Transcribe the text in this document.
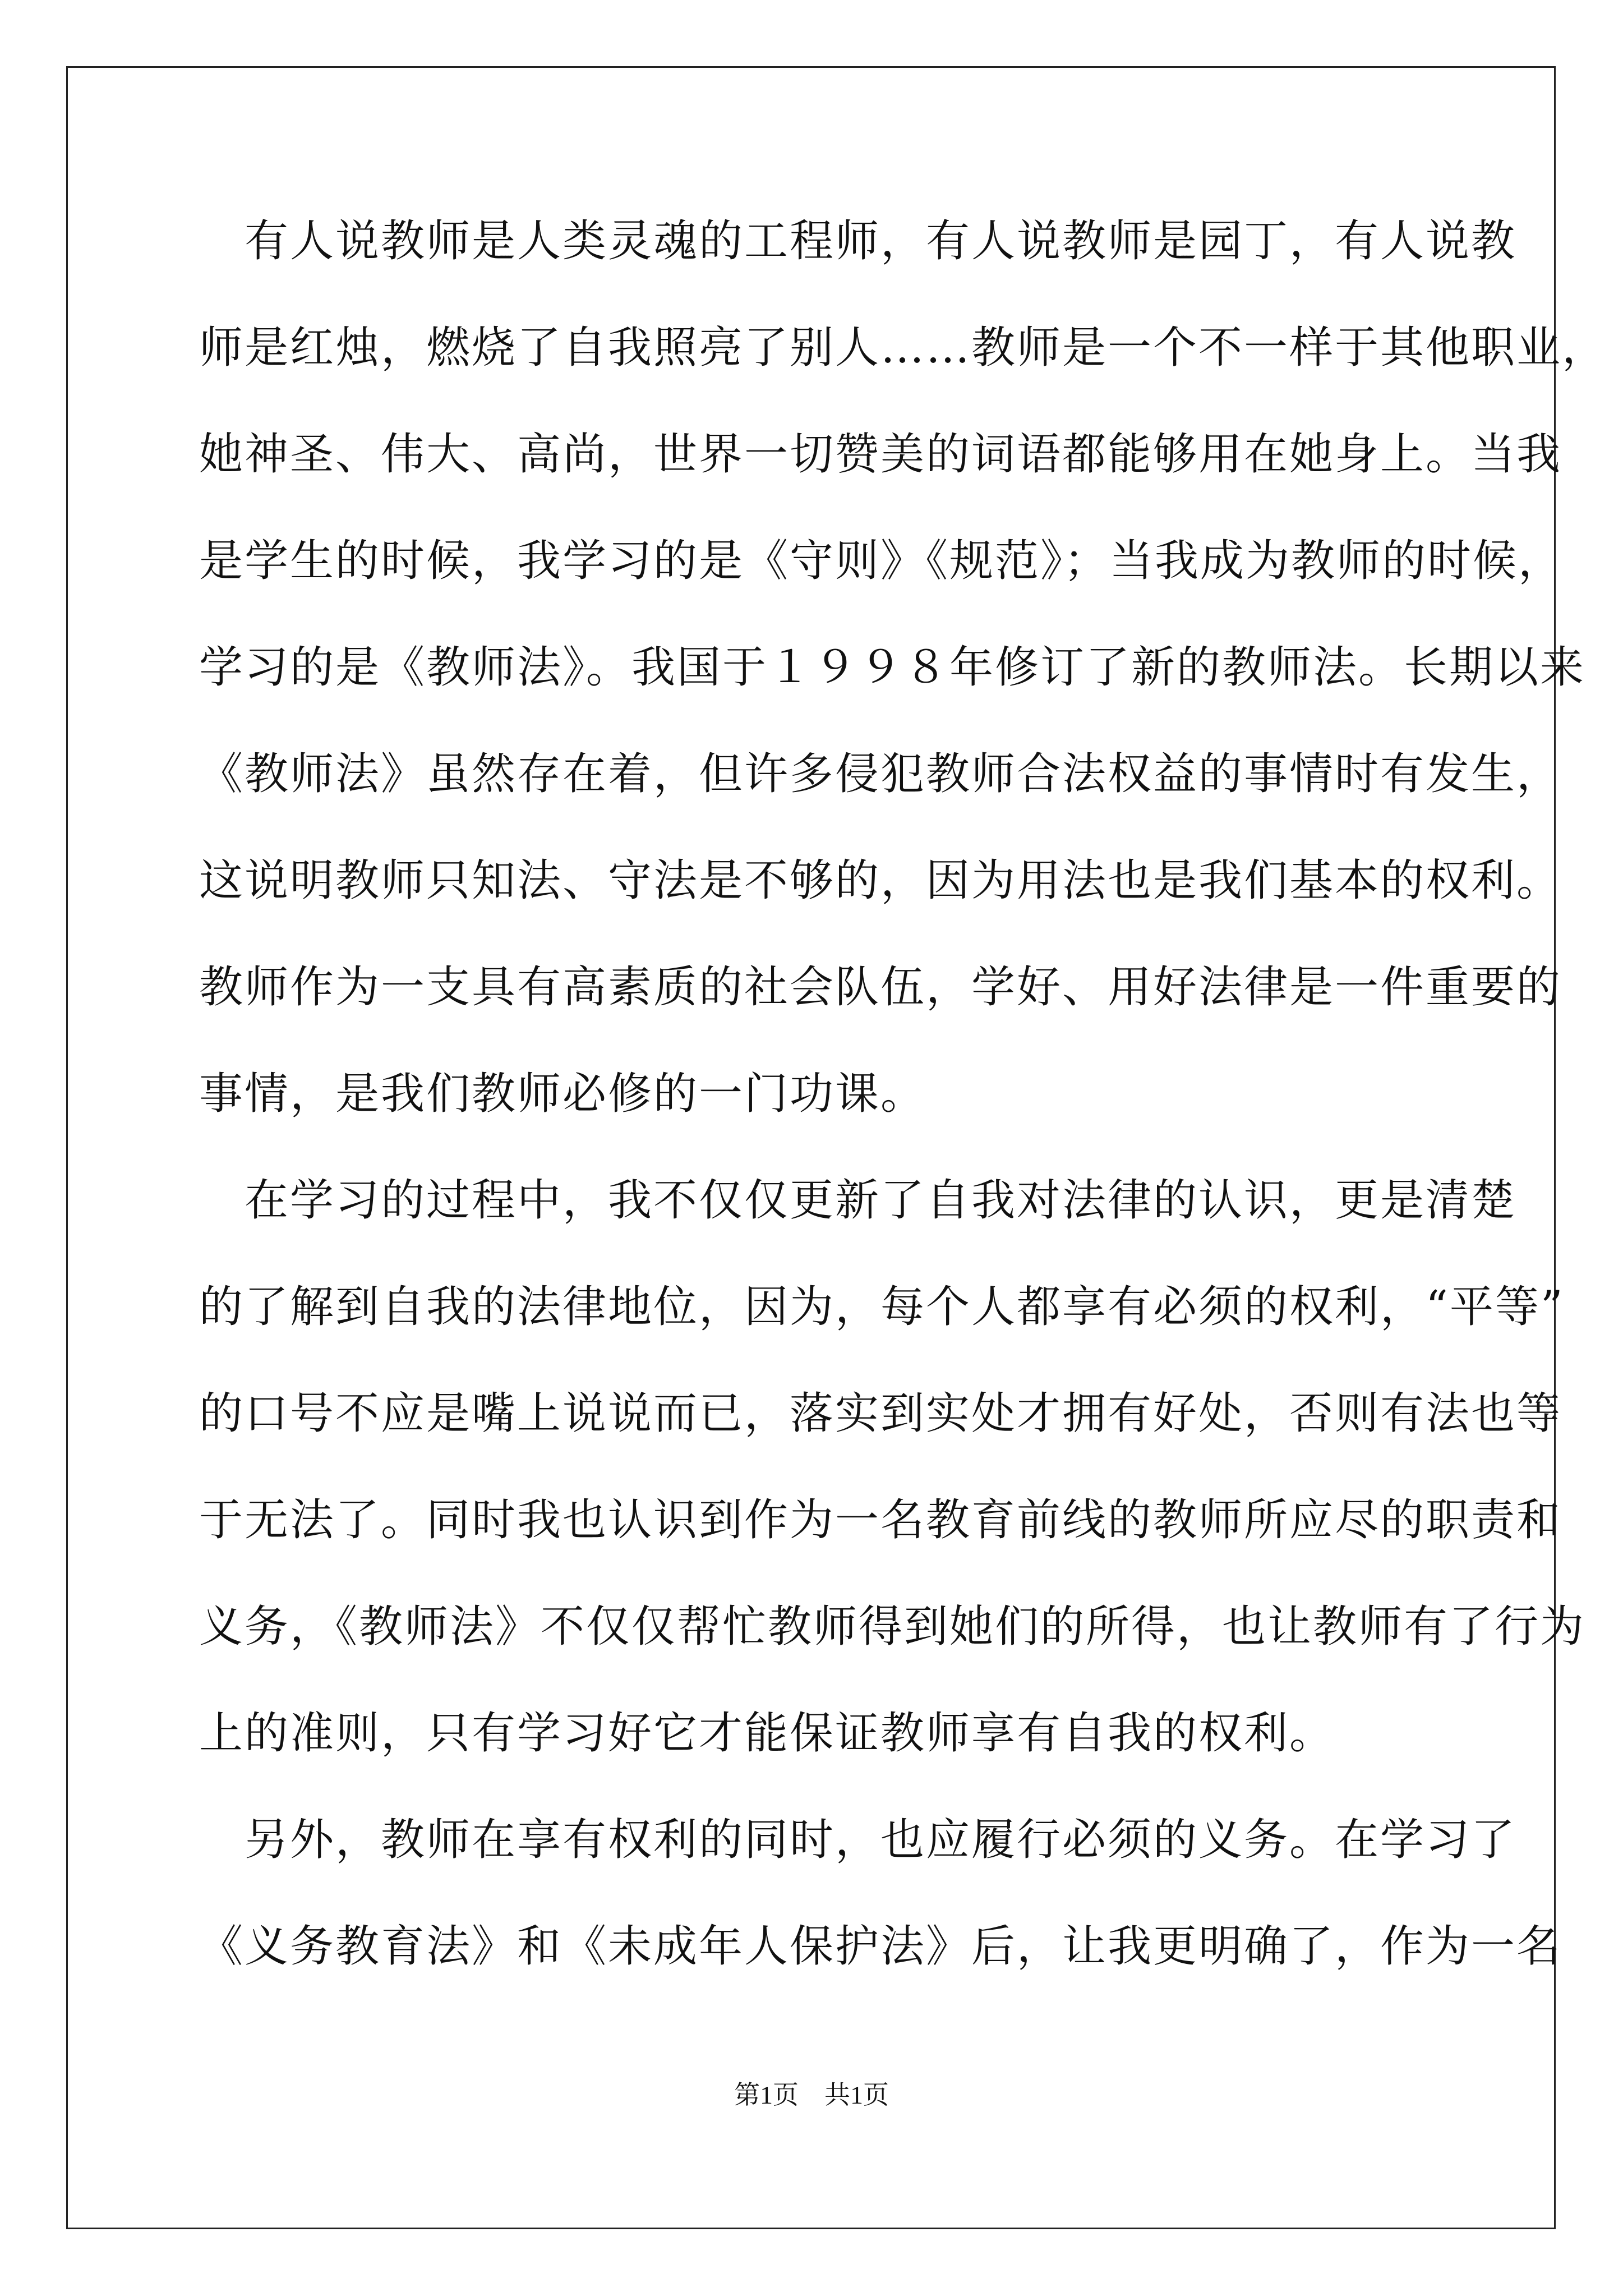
　有人说教师是人类灵魂的工程师，有人说教师是园丁，有人说教
师是红烛，燃烧了自我照亮了别人……教师是一个不一样于其他职业，
她神圣、伟大、高尚，世界一切赞美的词语都能够用在她身上。当我
是学生的时候，我学习的是《守则》《规范》；当我成为教师的时候，
学习的是《教师法》。我国于１９９８年修订了新的教师法。长期以来
《教师法》虽然存在着，但许多侵犯教师合法权益的事情时有发生，
这说明教师只知法、守法是不够的，因为用法也是我们基本的权利。
教师作为一支具有高素质的社会队伍，学好、用好法律是一件重要的
事情，是我们教师必修的一门功课。
　在学习的过程中，我不仅仅更新了自我对法律的认识，更是清楚
的了解到自我的法律地位，因为，每个人都享有必须的权利，“平等”
的口号不应是嘴上说说而已，落实到实处才拥有好处，否则有法也等
于无法了。同时我也认识到作为一名教育前线的教师所应尽的职责和
义务，《教师法》不仅仅帮忙教师得到她们的所得，也让教师有了行为
上的准则，只有学习好它才能保证教师享有自我的权利。
　另外，教师在享有权利的同时，也应履行必须的义务。在学习了
《义务教育法》和《未成年人保护法》后，让我更明确了，作为一名
第1页　共1页
